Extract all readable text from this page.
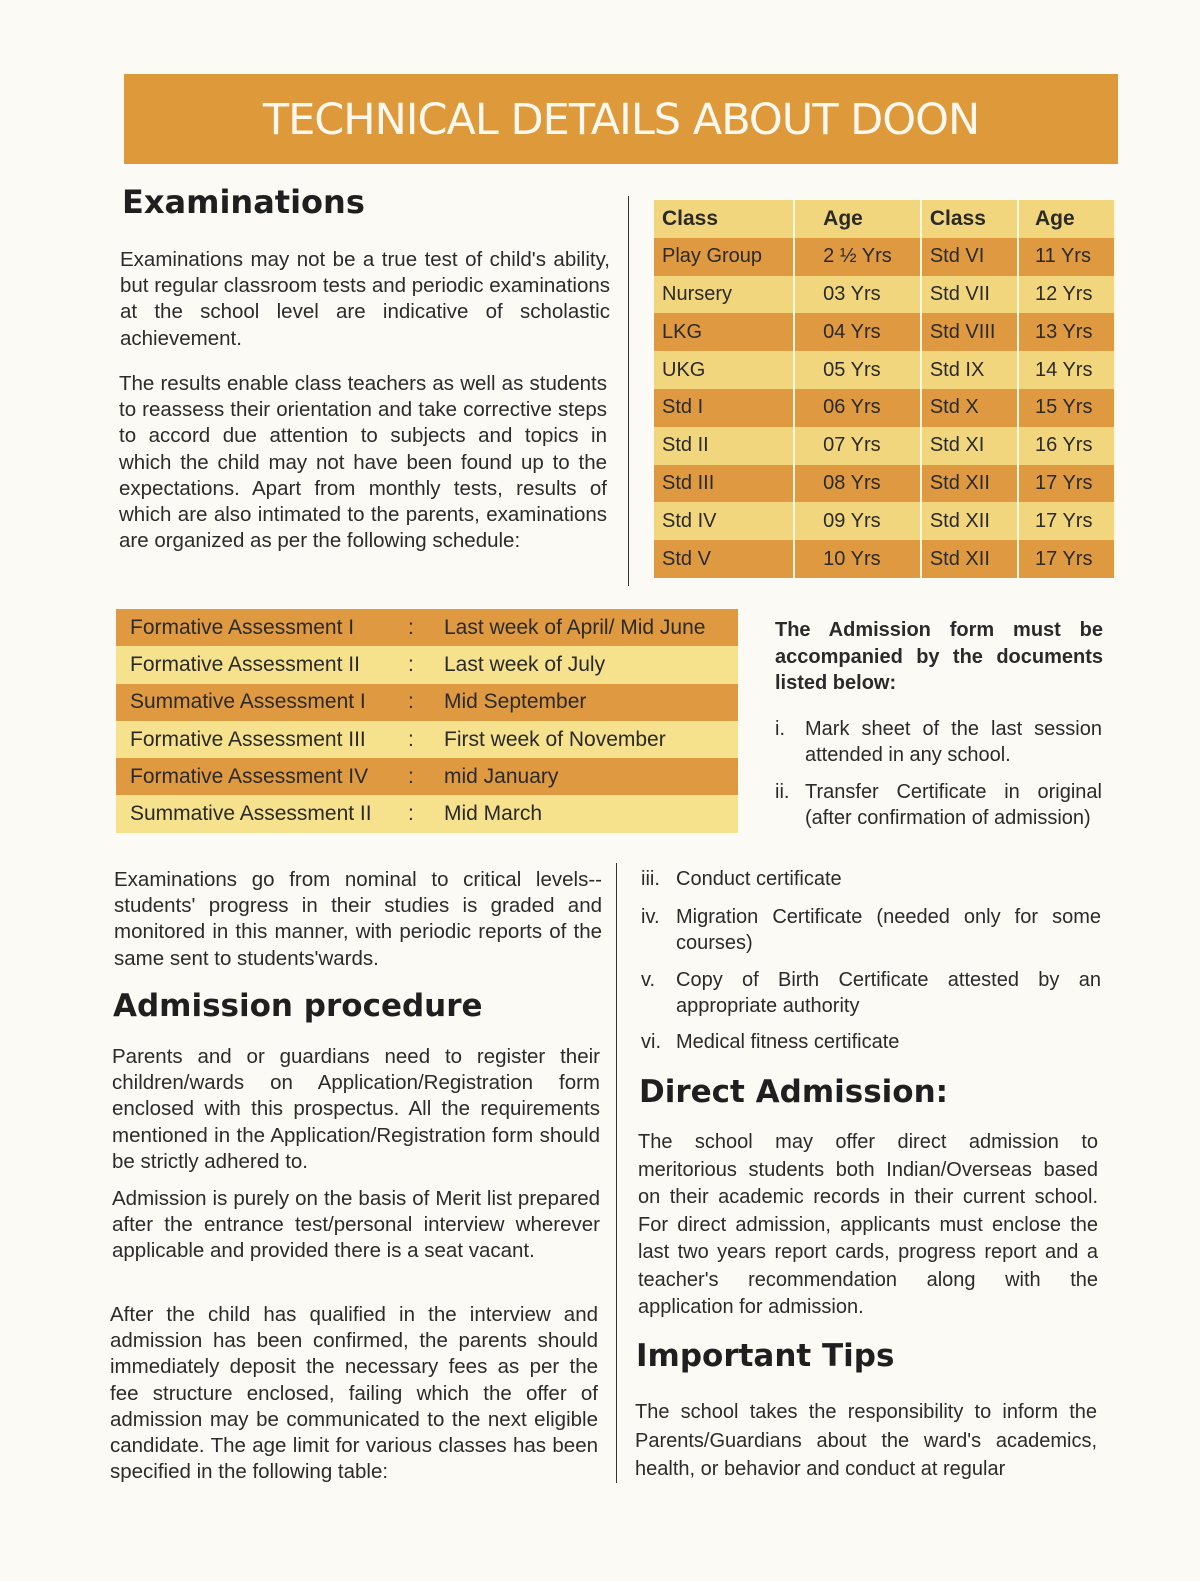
TECHNICAL DETAILS ABOUT DOON
Examinations

Examinations may not be a true test of child's ability, but regular classroom tests and periodic examinations at the school level are indicative of scholastic achievement.

The results enable class teachers as well as students to reassess their orientation and take corrective steps to accord due attention to subjects and topics in which the child may not have been found up to the expectations. Apart from monthly tests, results of which are also intimated to the parents, examinations are organized as per the following schedule:

Class	Age	Class	Age
Play Group	2 ½ Yrs	Std VI	11 Yrs
Nursery	03 Yrs	Std VII	12 Yrs
LKG	04 Yrs	Std VIII	13 Yrs
UKG	05 Yrs	Std IX	14 Yrs
Std I	06 Yrs	Std X	15 Yrs
Std II	07 Yrs	Std XI	16 Yrs
Std III	08 Yrs	Std XII	17 Yrs
Std IV	09 Yrs	Std XII	17 Yrs
Std V	10 Yrs	Std XII	17 Yrs
Formative Assessment I	:	Last week of April/ Mid June
Formative Assessment II	:	Last week of July
Summative Assessment I	:	Mid September
Formative Assessment III	:	First week of November
Formative Assessment IV	:	mid January
Summative Assessment II	:	Mid March

The Admission form must be accompanied by the documents listed below:

i. Mark sheet of the last session attended in any school.
ii. Transfer Certificate in original (after confirmation of admission)
iii. Conduct certificate
iv. Migration Certificate (needed only for some courses)
v. Copy of Birth Certificate attested by an appropriate authority
vi. Medical fitness certificate

Examinations go from nominal to critical levels-- students' progress in their studies is graded and monitored in this manner, with periodic reports of the same sent to students'wards.

Admission procedure

Parents and or guardians need to register their children/wards on Application/Registration form enclosed with this prospectus. All the requirements mentioned in the Application/Registration form should be strictly adhered to.

Admission is purely on the basis of Merit list prepared after the entrance test/personal interview wherever applicable and provided there is a seat vacant.

After the child has qualified in the interview and admission has been confirmed, the parents should immediately deposit the necessary fees as per the fee structure enclosed, failing which the offer of admission may be communicated to the next eligible candidate. The age limit for various classes has been specified in the following table:

Direct Admission:

The school may offer direct admission to meritorious students both Indian/Overseas based on their academic records in their current school. For direct admission, applicants must enclose the last two years report cards, progress report and a teacher's recommendation along with the application for admission.

Important Tips

The school takes the responsibility to inform the Parents/Guardians about the ward's academics, health, or behavior and conduct at regular
